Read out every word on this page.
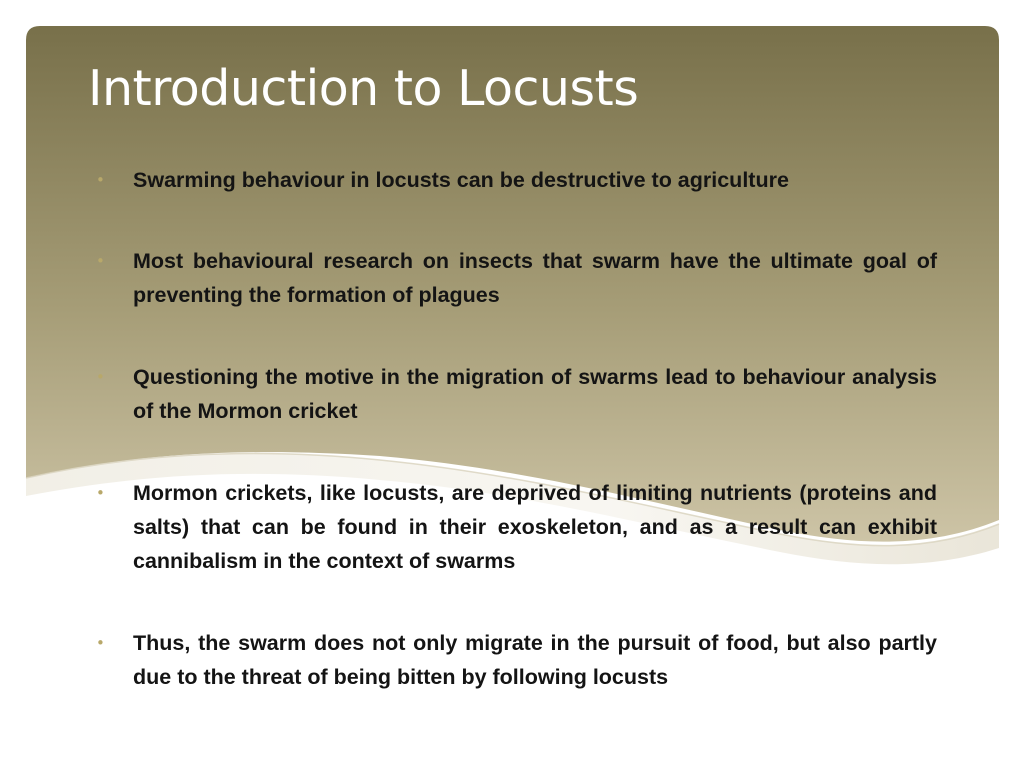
Introduction to Locusts
•	Swarming behaviour in locusts can be destructive to agriculture
•	Most behavioural research on insects that swarm have the ultimate goal of preventing the formation of plagues
•	Questioning the motive in the migration of swarms lead to behaviour analysis of the Mormon cricket
•	Mormon crickets, like locusts, are deprived of limiting nutrients (proteins and salts) that can be found in their exoskeleton, and as a result can exhibit cannibalism in the context of swarms
•	Thus, the swarm does not only migrate in the pursuit of food, but also partly due to the threat of being bitten by following locusts
